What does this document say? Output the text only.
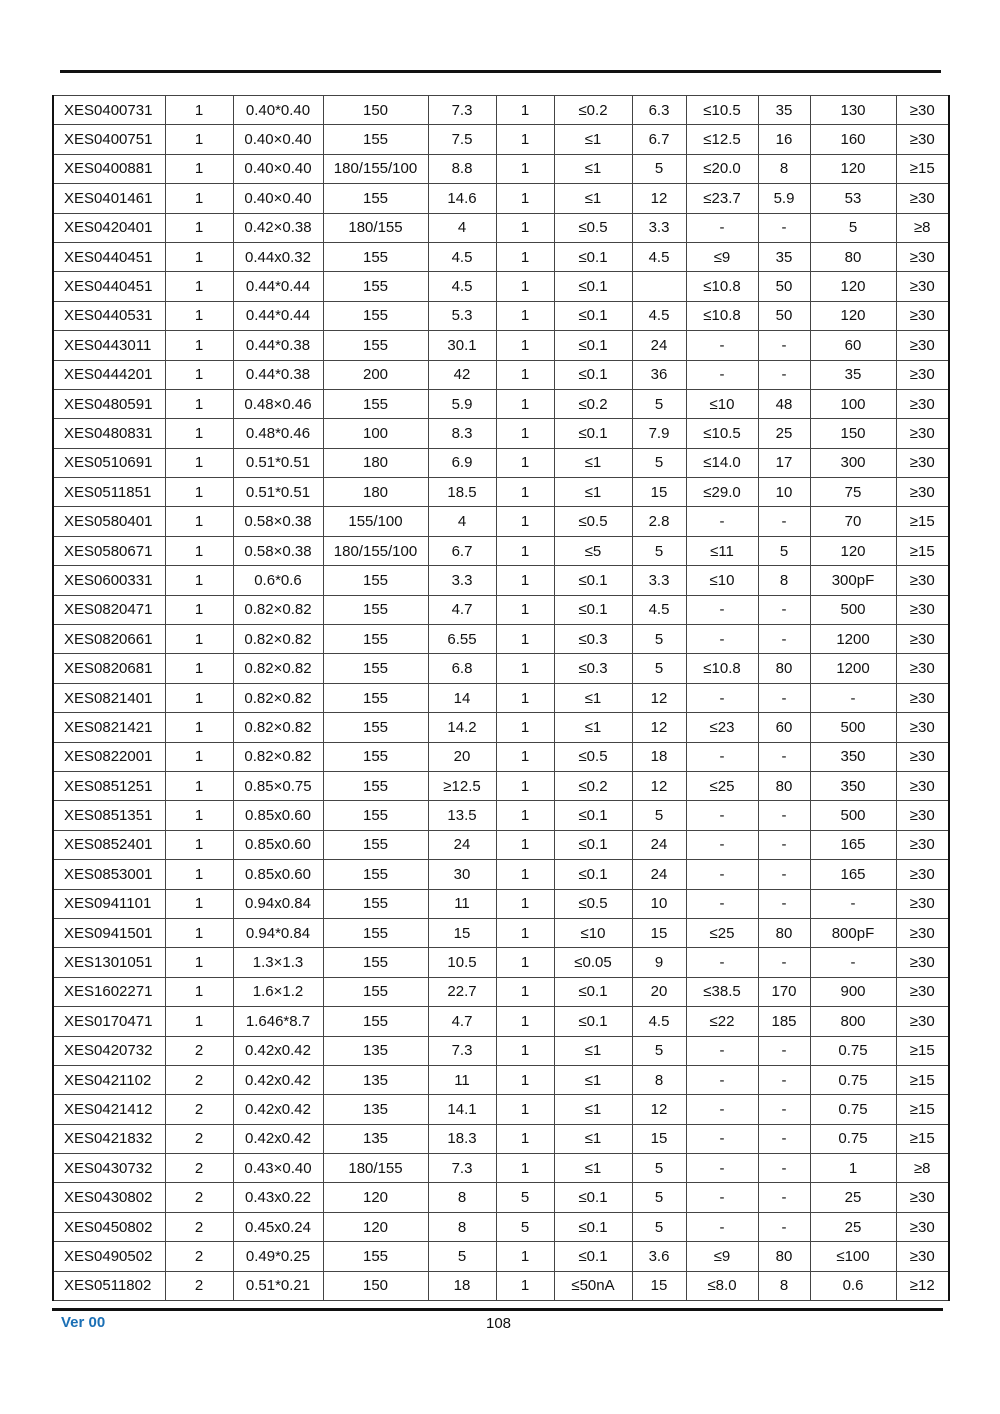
XES0400731	1	0.40*0.40	150	7.3	1	≤0.2	6.3	≤10.5	35	130	≥30
XES0400751	1	0.40×0.40	155	7.5	1	≤1	6.7	≤12.5	16	160	≥30
XES0400881	1	0.40×0.40	180/155/100	8.8	1	≤1	5	≤20.0	8	120	≥15
XES0401461	1	0.40×0.40	155	14.6	1	≤1	12	≤23.7	5.9	53	≥30
XES0420401	1	0.42×0.38	180/155	4	1	≤0.5	3.3	-	-	5	≥8
XES0440451	1	0.44x0.32	155	4.5	1	≤0.1	4.5	≤9	35	80	≥30
XES0440451	1	0.44*0.44	155	4.5	1	≤0.1		≤10.8	50	120	≥30
XES0440531	1	0.44*0.44	155	5.3	1	≤0.1	4.5	≤10.8	50	120	≥30
XES0443011	1	0.44*0.38	155	30.1	1	≤0.1	24	-	-	60	≥30
XES0444201	1	0.44*0.38	200	42	1	≤0.1	36	-	-	35	≥30
XES0480591	1	0.48×0.46	155	5.9	1	≤0.2	5	≤10	48	100	≥30
XES0480831	1	0.48*0.46	100	8.3	1	≤0.1	7.9	≤10.5	25	150	≥30
XES0510691	1	0.51*0.51	180	6.9	1	≤1	5	≤14.0	17	300	≥30
XES0511851	1	0.51*0.51	180	18.5	1	≤1	15	≤29.0	10	75	≥30
XES0580401	1	0.58×0.38	155/100	4	1	≤0.5	2.8	-	-	70	≥15
XES0580671	1	0.58×0.38	180/155/100	6.7	1	≤5	5	≤11	5	120	≥15
XES0600331	1	0.6*0.6	155	3.3	1	≤0.1	3.3	≤10	8	300pF	≥30
XES0820471	1	0.82×0.82	155	4.7	1	≤0.1	4.5	-	-	500	≥30
XES0820661	1	0.82×0.82	155	6.55	1	≤0.3	5	-	-	1200	≥30
XES0820681	1	0.82×0.82	155	6.8	1	≤0.3	5	≤10.8	80	1200	≥30
XES0821401	1	0.82×0.82	155	14	1	≤1	12	-	-	-	≥30
XES0821421	1	0.82×0.82	155	14.2	1	≤1	12	≤23	60	500	≥30
XES0822001	1	0.82×0.82	155	20	1	≤0.5	18	-	-	350	≥30
XES0851251	1	0.85×0.75	155	≥12.5	1	≤0.2	12	≤25	80	350	≥30
XES0851351	1	0.85x0.60	155	13.5	1	≤0.1	5	-	-	500	≥30
XES0852401	1	0.85x0.60	155	24	1	≤0.1	24	-	-	165	≥30
XES0853001	1	0.85x0.60	155	30	1	≤0.1	24	-	-	165	≥30
XES0941101	1	0.94x0.84	155	11	1	≤0.5	10	-	-	-	≥30
XES0941501	1	0.94*0.84	155	15	1	≤10	15	≤25	80	800pF	≥30
XES1301051	1	1.3×1.3	155	10.5	1	≤0.05	9	-	-	-	≥30
XES1602271	1	1.6×1.2	155	22.7	1	≤0.1	20	≤38.5	170	900	≥30
XES0170471	1	1.646*8.7	155	4.7	1	≤0.1	4.5	≤22	185	800	≥30
XES0420732	2	0.42x0.42	135	7.3	1	≤1	5	-	-	0.75	≥15
XES0421102	2	0.42x0.42	135	11	1	≤1	8	-	-	0.75	≥15
XES0421412	2	0.42x0.42	135	14.1	1	≤1	12	-	-	0.75	≥15
XES0421832	2	0.42x0.42	135	18.3	1	≤1	15	-	-	0.75	≥15
XES0430732	2	0.43×0.40	180/155	7.3	1	≤1	5	-	-	1	≥8
XES0430802	2	0.43x0.22	120	8	5	≤0.1	5	-	-	25	≥30
XES0450802	2	0.45x0.24	120	8	5	≤0.1	5	-	-	25	≥30
XES0490502	2	0.49*0.25	155	5	1	≤0.1	3.6	≤9	80	≤100	≥30
XES0511802	2	0.51*0.21	150	18	1	≤50nA	15	≤8.0	8	0.6	≥12
Ver 00	108
